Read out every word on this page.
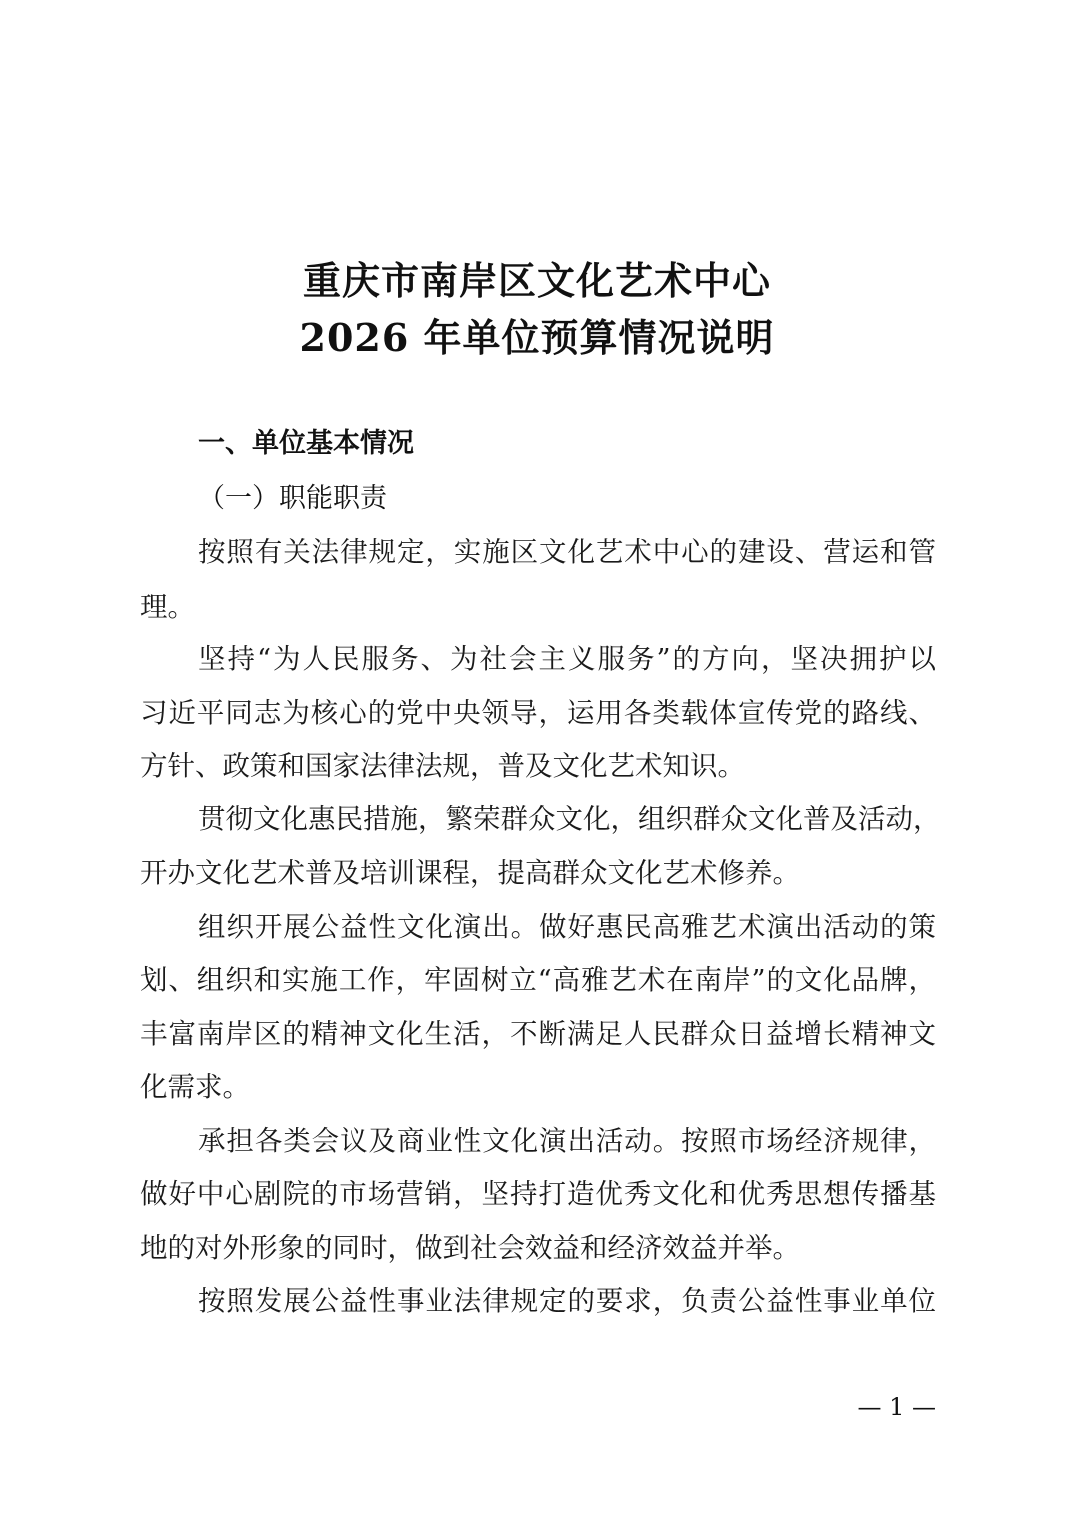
重庆市南岸区文化艺术中心
2026 年单位预算情况说明
一、单位基本情况
（一）职能职责
按照有关法律规定，实施区文化艺术中心的建设、营运和管
理。
坚持“为人民服务、为社会主义服务”的方向，坚决拥护以
习近平同志为核心的党中央领导，运用各类载体宣传党的路线、
方针、政策和国家法律法规，普及文化艺术知识。
贯彻文化惠民措施，繁荣群众文化，组织群众文化普及活动，
开办文化艺术普及培训课程，提高群众文化艺术修养。
组织开展公益性文化演出。做好惠民高雅艺术演出活动的策
划、组织和实施工作，牢固树立“高雅艺术在南岸”的文化品牌，
丰富南岸区的精神文化生活，不断满足人民群众日益增长精神文
化需求。
承担各类会议及商业性文化演出活动。按照市场经济规律，
做好中心剧院的市场营销，坚持打造优秀文化和优秀思想传播基
地的对外形象的同时，做到社会效益和经济效益并举。
按照发展公益性事业法律规定的要求，负责公益性事业单位
— 1 —
